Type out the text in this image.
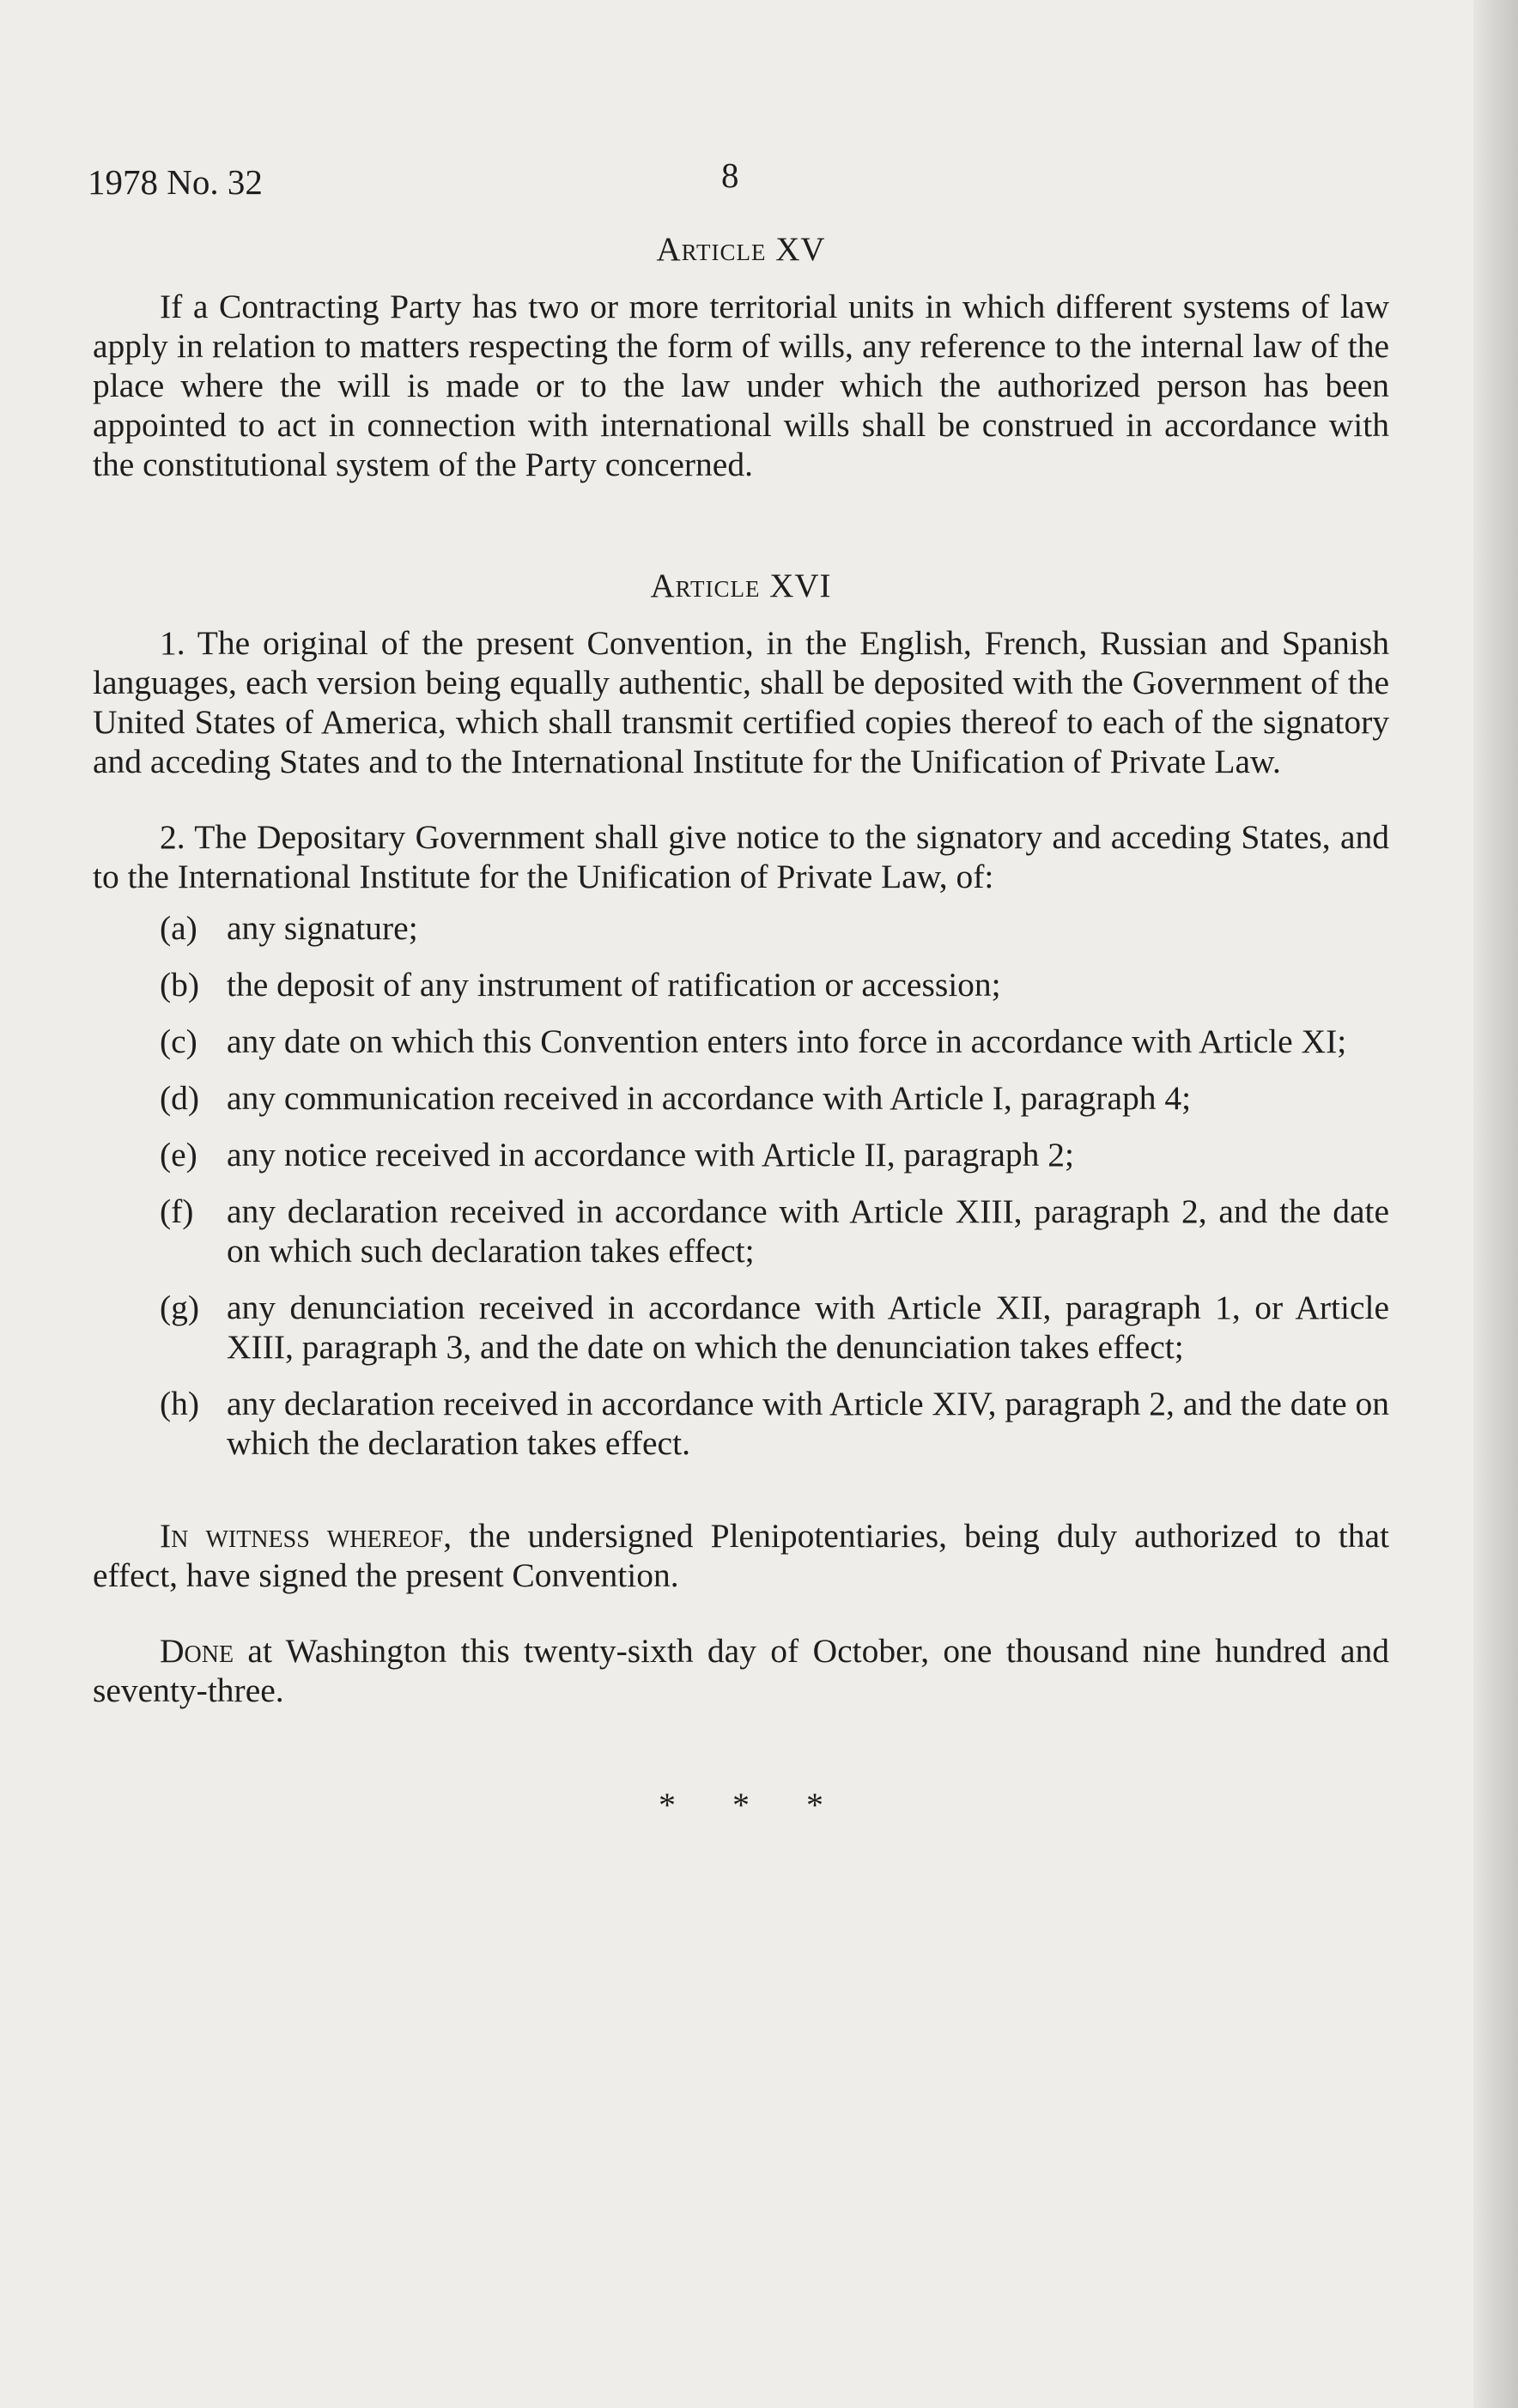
1978 No. 32	8
Article XV

If a Contracting Party has two or more territorial units in which different systems of law apply in relation to matters respecting the form of wills, any reference to the internal law of the place where the will is made or to the law under which the authorized person has been appointed to act in connection with international wills shall be construed in accordance with the constitutional system of the Party concerned.

Article XVI

1. The original of the present Convention, in the English, French, Russian and Spanish languages, each version being equally authentic, shall be deposited with the Government of the United States of America, which shall transmit certified copies thereof to each of the signatory and acceding States and to the International Institute for the Unification of Private Law.

2. The Depositary Government shall give notice to the signatory and acceding States, and to the International Institute for the Unification of Private Law, of:

(a) any signature;
(b) the deposit of any instrument of ratification or accession;
(c) any date on which this Convention enters into force in accordance with Article XI;
(d) any communication received in accordance with Article I, paragraph 4;
(e) any notice received in accordance with Article II, paragraph 2;
(f) any declaration received in accordance with Article XIII, paragraph 2, and the date on which such declaration takes effect;
(g) any denunciation received in accordance with Article XII, paragraph 1, or Article XIII, paragraph 3, and the date on which the denunciation takes effect;
(h) any declaration received in accordance with Article XIV, paragraph 2, and the date on which the declaration takes effect.

In witness whereof, the undersigned Plenipotentiaries, being duly authorized to that effect, have signed the present Convention.

Done at Washington this twenty-sixth day of October, one thousand nine hundred and seventy-three.

* * *
